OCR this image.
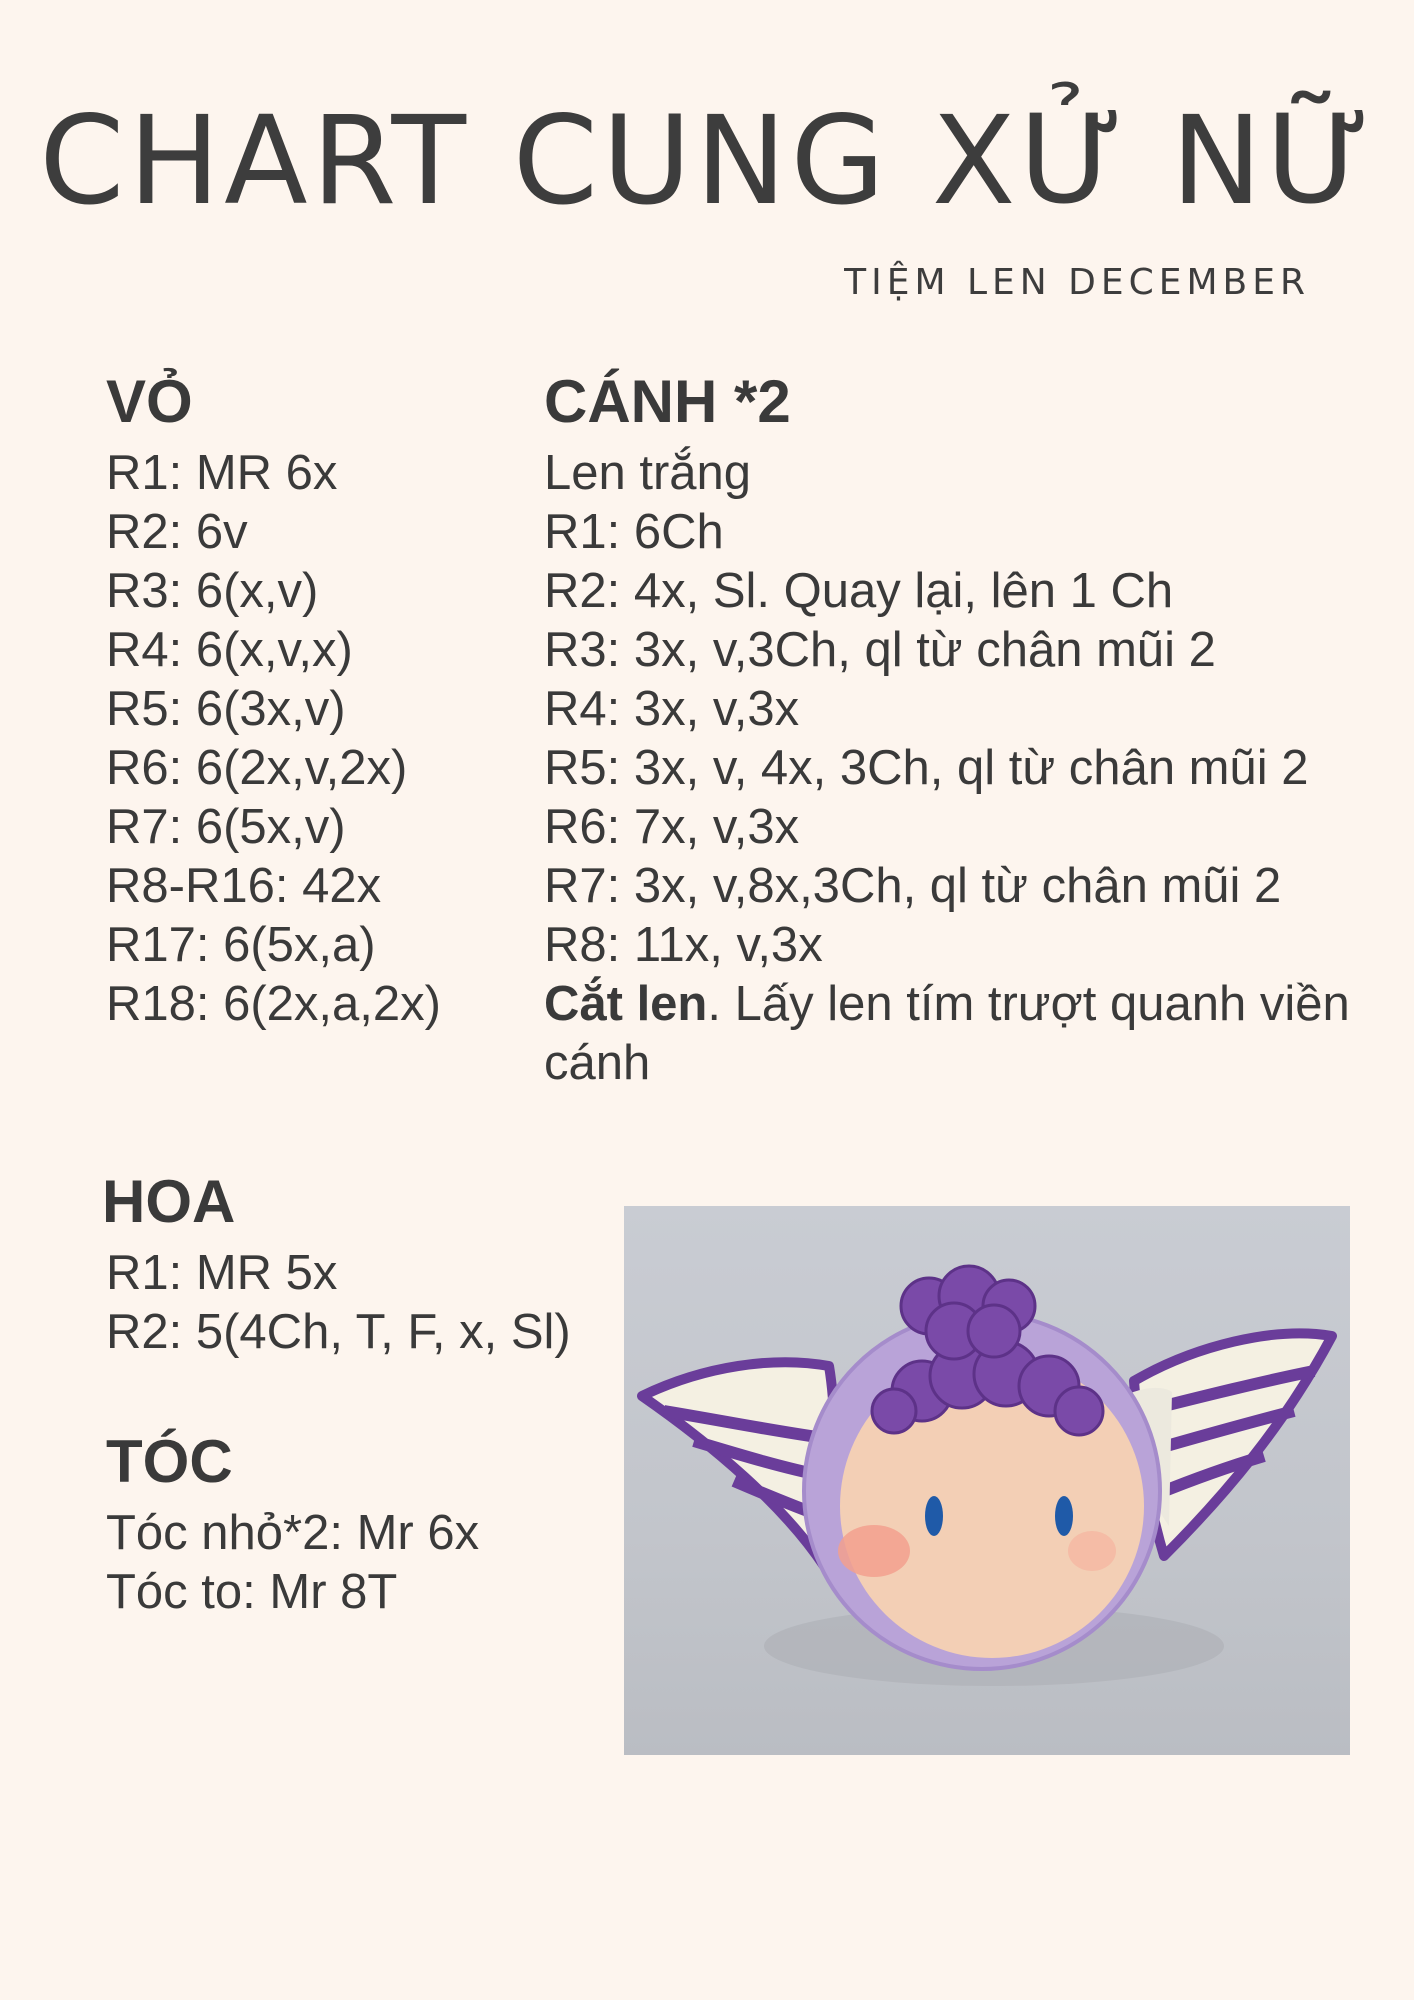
CHART CUNG XỬ NỮ
TIỆM LEN DECEMBER
VỎ
R1: MR 6x
R2: 6v
R3: 6(x,v)
R4: 6(x,v,x)
R5: 6(3x,v)
R6: 6(2x,v,2x)
R7: 6(5x,v)
R8-R16: 42x
R17: 6(5x,a)
R18: 6(2x,a,2x)
CÁNH *2
Len trắng
R1: 6Ch
R2: 4x, Sl. Quay lại, lên 1 Ch
R3: 3x, v,3Ch, ql từ chân mũi 2
R4: 3x, v,3x
R5: 3x, v, 4x, 3Ch, ql từ chân mũi 2
R6: 7x, v,3x
R7: 3x, v,8x,3Ch, ql từ chân mũi 2
R8: 11x, v,3x
Cắt len. Lấy len tím trượt quanh viền cánh
HOA
R1: MR 5x
R2: 5(4Ch, T, F, x, Sl)
TÓC
Tóc nhỏ*2: Mr 6x
Tóc to: Mr 8T
